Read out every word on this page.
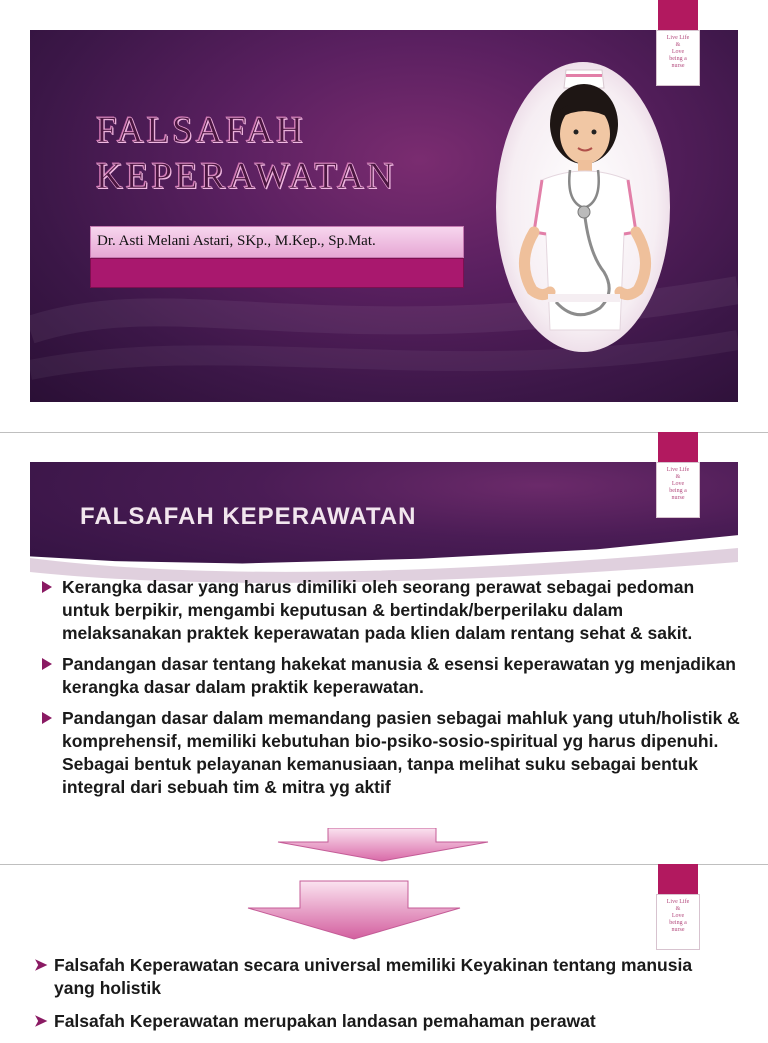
FALSAFAH
KEPERAWATAN
Dr. Asti Melani Astari, SKp., M.Kep., Sp.Mat.
Live Life
&
Love
being a
nurse
FALSAFAH KEPERAWATAN
Live Life
&
Love
being a
nurse
Kerangka dasar yang harus dimiliki oleh seorang perawat sebagai pedoman untuk berpikir, mengambi keputusan & bertindak/berperilaku dalam melaksanakan praktek keperawatan pada klien dalam rentang sehat & sakit.
Pandangan dasar tentang hakekat manusia & esensi keperawatan yg menjadikan kerangka dasar dalam praktik keperawatan.
Pandangan dasar dalam memandang pasien sebagai mahluk yang utuh/holistik & komprehensif, memiliki kebutuhan bio-psiko-sosio-spiritual yg harus dipenuhi. Sebagai bentuk pelayanan kemanusiaan, tanpa melihat suku sebagai bentuk integral dari sebuah tim & mitra yg aktif
Live Life
&
Love
being a
nurse
➤ Falsafah Keperawatan secara universal memiliki Keyakinan tentang manusia yang holistik
➤ Falsafah Keperawatan merupakan landasan pemahaman perawat
